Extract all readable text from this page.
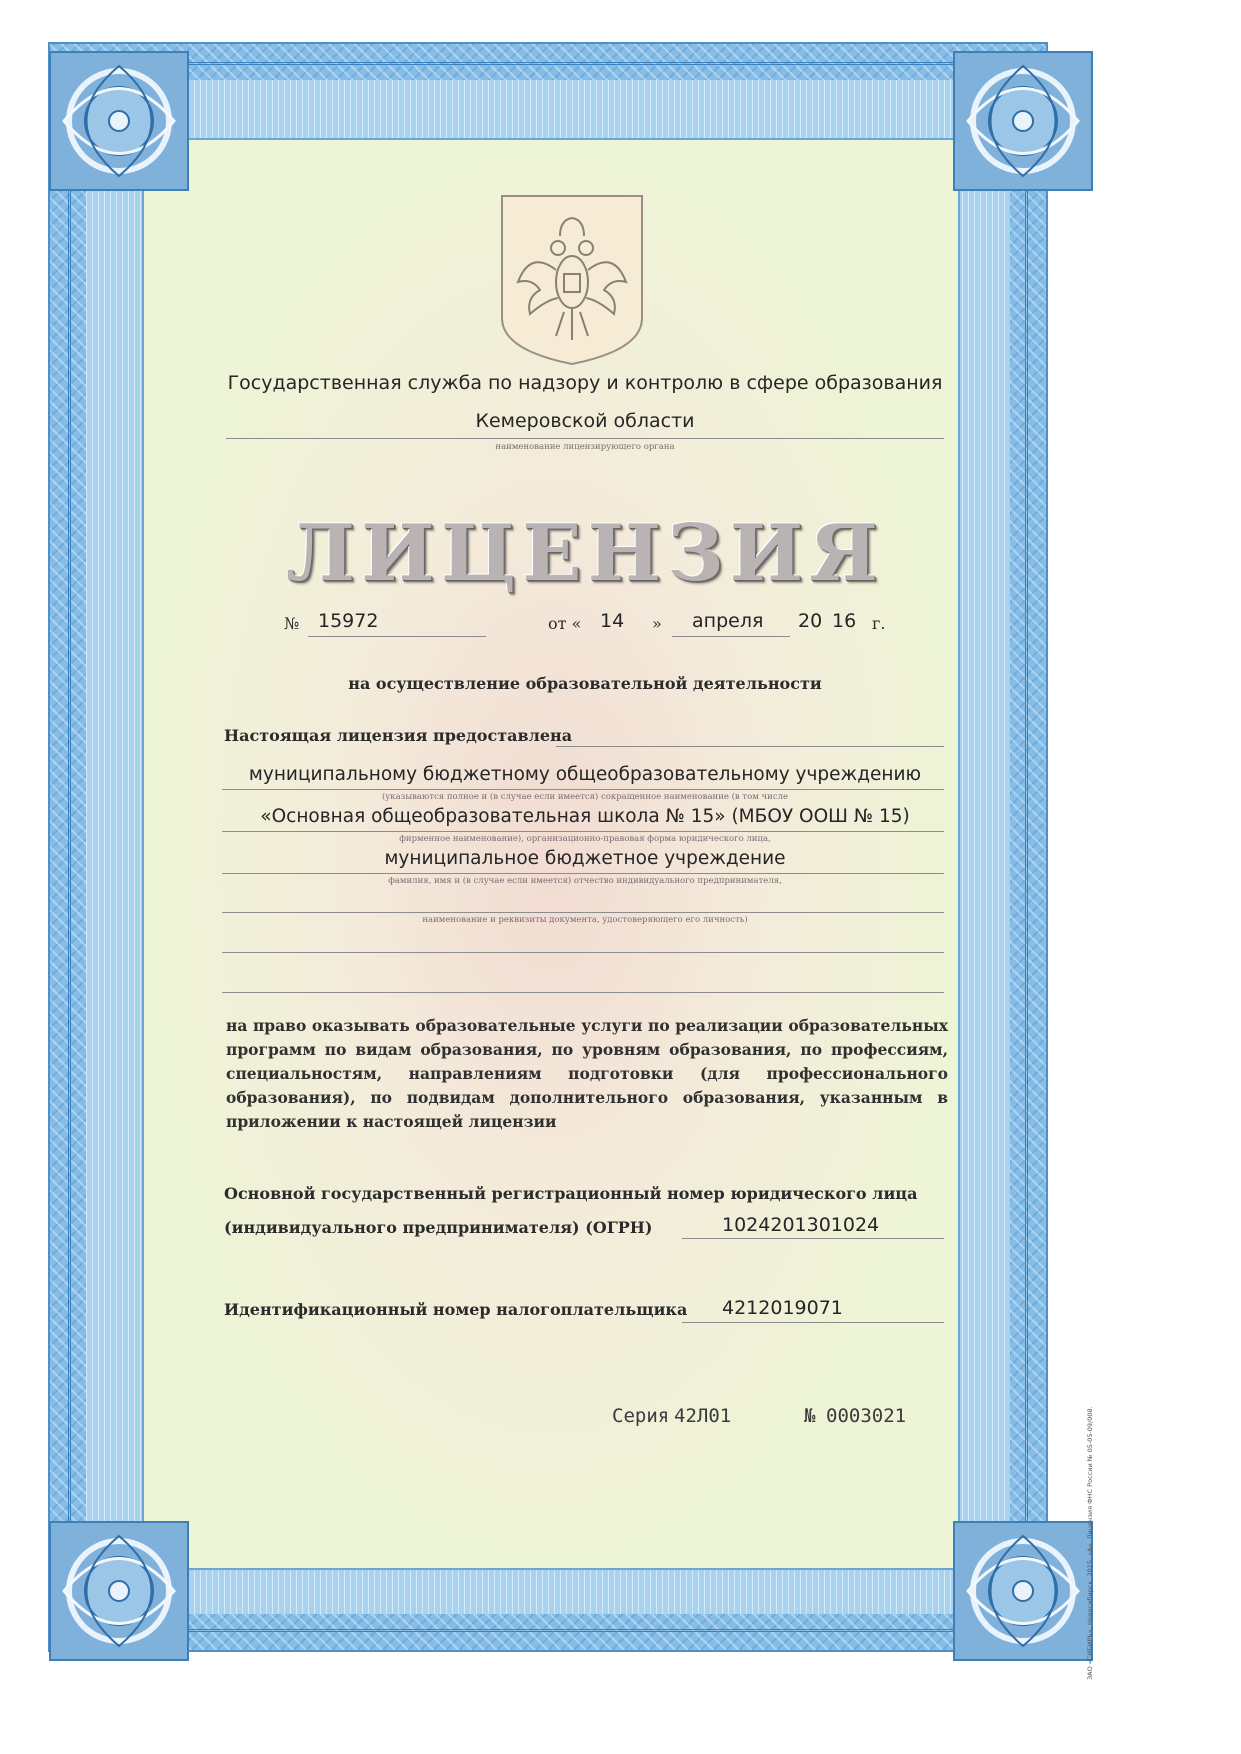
Государственная служба по надзору и контролю в сфере образования
Кемеровской области
наименование лицензирующего органа
ЛИЦЕНЗИЯ
№ 15972	от « 14 » апреля 20 16 г.
на осуществление образовательной деятельности
Настоящая лицензия предоставлена
муниципальному бюджетному общеобразовательному учреждению
(указываются полное и (в случае если имеется) сокращенное наименование (в том числе
«Основная общеобразовательная школа № 15» (МБОУ ООШ № 15)
фирменное наименование), организационно-правовая форма юридического лица,
муниципальное бюджетное учреждение
фамилия, имя и (в случае если имеется) отчество индивидуального предпринимателя,
наименование и реквизиты документа, удостоверяющего его личность)
на право оказывать образовательные услуги по реализации образовательных программ по видам образования, по уровням образования, по профессиям, специальностям, направлениям подготовки (для профессионального образования), по подвидам дополнительного образования, указанным в приложении к настоящей лицензии
Основной государственный регистрационный номер юридического лица
(индивидуального предпринимателя) (ОГРН)	1024201301024
Идентификационный номер налогоплательщика 4212019071
Серия 42Л01	№ 0003021	ЗАО «СИБИРЬ», Новосибирск, 2015, «А». Лицензия ФНС России № 05-05-09/008.
